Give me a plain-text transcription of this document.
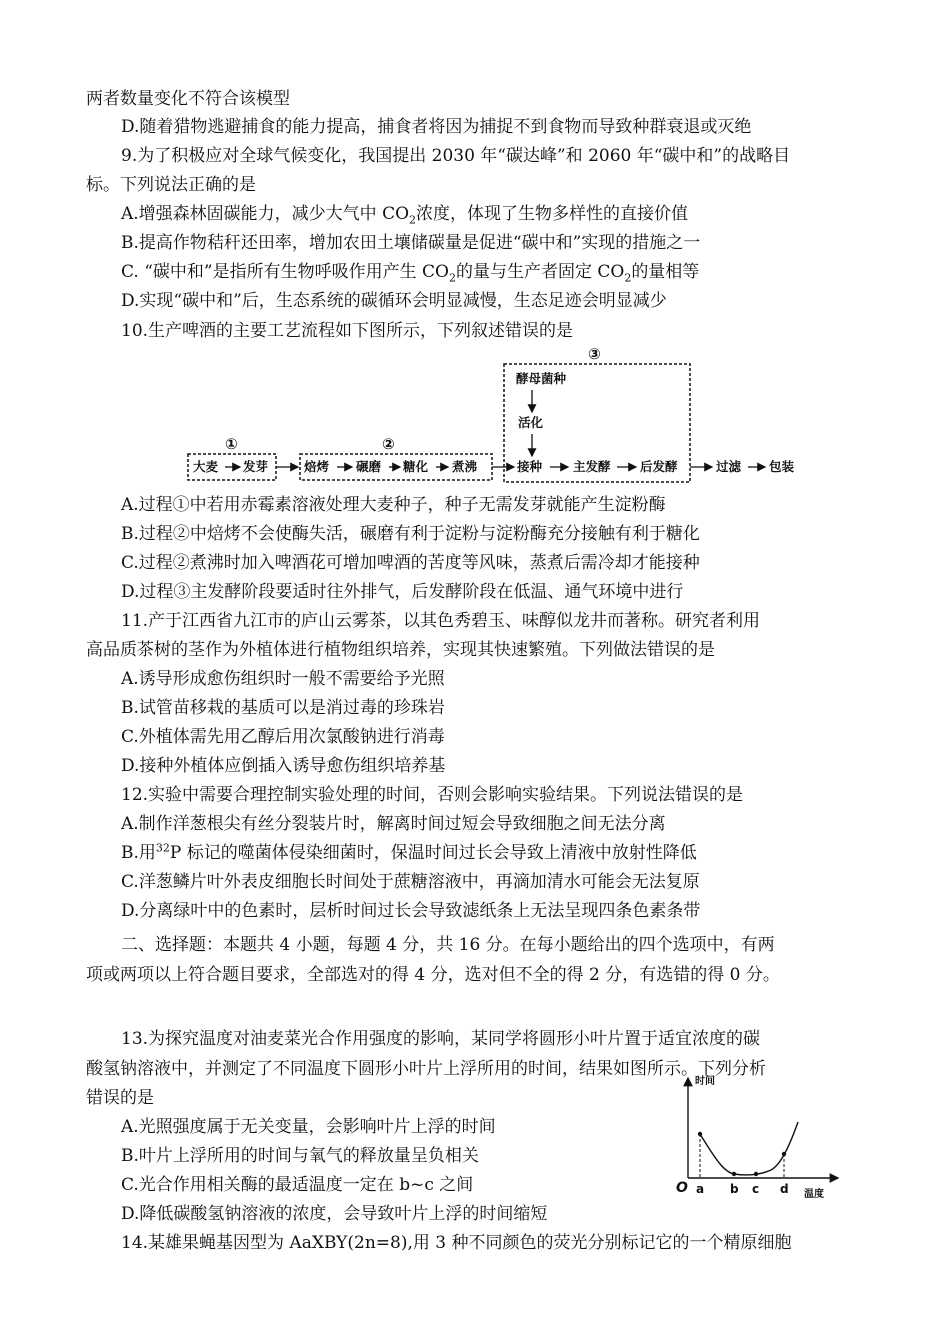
两者数量变化不符合该模型
D.随着猎物逃避捕食的能力提高，捕食者将因为捕捉不到食物而导致种群衰退或灭绝
9.为了积极应对全球气候变化，我国提出 2030 年“碳达峰”和 2060 年“碳中和”的战略目
标。下列说法正确的是
A.增强森林固碳能力，减少大气中 $CO_2$浓度，体现了生物多样性的直接价值
B.提高作物秸秆还田率，增加农田土壤储碳量是促进“碳中和”实现的措施之一
C. “碳中和”是指所有生物呼吸作用产生 $CO_2$的量与生产者固定 $CO_2$的量相等
D.实现“碳中和”后，生态系统的碳循环会明显减慢，生态足迹会明显减少
10.生产啤酒的主要工艺流程如下图所示，下列叙述错误的是
①	②
③
大麦 发芽	焙烤 碾磨 糖化 煮沸	接种 主发酵 后发酵	过滤 包装
酵母菌种
活化
A.过程①中若用赤霉素溶液处理大麦种子，种子无需发芽就能产生淀粉酶
B.过程②中焙烤不会使酶失活，碾磨有利于淀粉与淀粉酶充分接触有利于糖化
C.过程②煮沸时加入啤酒花可增加啤酒的苦度等风味，蒸煮后需冷却才能接种
D.过程③主发酵阶段要适时往外排气，后发酵阶段在低温、通气环境中进行
11.产于江西省九江市的庐山云雾茶，以其色秀碧玉、味醇似龙井而著称。研究者利用
高品质茶树的茎作为外植体进行植物组织培养，实现其快速繁殖。下列做法错误的是
A.诱导形成愈伤组织时一般不需要给予光照
B.试管苗移栽的基质可以是消过毒的珍珠岩
C.外植体需先用乙醇后用次氯酸钠进行消毒
D.接种外植体应倒插入诱导愈伤组织培养基
12.实验中需要合理控制实验处理的时间，否则会影响实验结果。下列说法错误的是
A.制作洋葱根尖有丝分裂装片时，解离时间过短会导致细胞之间无法分离
B.用$^{32}$P 标记的噬菌体侵染细菌时，保温时间过长会导致上清液中放射性降低
C.洋葱鳞片叶外表皮细胞长时间处于蔗糖溶液中，再滴加清水可能会无法复原
D.分离绿叶中的色素时，层析时间过长会导致滤纸条上无法呈现四条色素条带
二、选择题：本题共 4 小题，每题 4 分，共 16 分。在每小题给出的四个选项中，有两
项或两项以上符合题目要求，全部选对的得 4 分，选对但不全的得 2 分，有选错的得 0 分。
13.为探究温度对油麦菜光合作用强度的影响，某同学将圆形小叶片置于适宜浓度的碳
酸氢钠溶液中，并测定了不同温度下圆形小叶片上浮所用的时间，结果如图所示。下列分析
错误的是
A.光照强度属于无关变量，会影响叶片上浮的时间
B.叶片上浮所用的时间与氧气的释放量呈负相关
C.光合作用相关酶的最适温度一定在 b~c 之间
D.降低碳酸氢钠溶液的浓度，会导致叶片上浮的时间缩短
14.某雄果蝇基因型为 AaXBY(2n=8),用 3 种不同颜色的荧光分别标记它的一个精原细胞
时间
温度
O a b c d
